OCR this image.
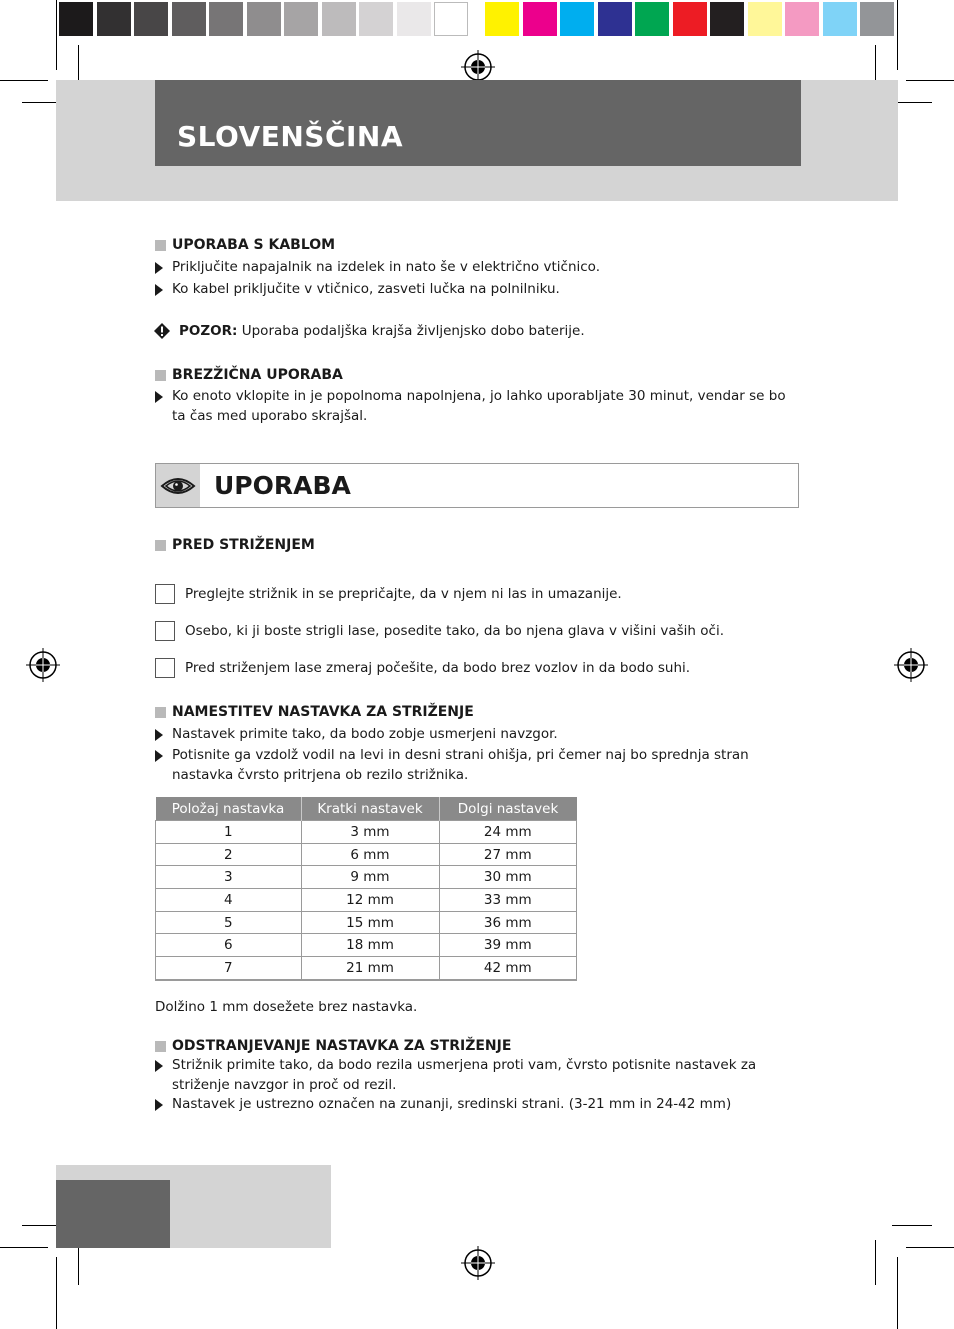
SLOVENŠČINA
UPORABA S KABLOM
Priključite napajalnik na izdelek in nato še v električno vtičnico.
Ko kabel priključite v vtičnico, zasveti lučka na polnilniku.
POZOR:
Uporaba podaljška krajša življenjsko dobo baterije.
BREZŽIČNA UPORABA
Ko enoto vklopite in je popolnoma napolnjena, jo lahko uporabljate 30 minut, vendar se bo ta čas med uporabo skrajšal.
UPORABA
PRED STRIŽENJEM
Preglejte strižnik in se prepričajte, da v njem ni las in umazanije.
Osebo, ki ji boste strigli lase, posedite tako, da bo njena glava v višini vaših oči.
Pred striženjem lase zmeraj počešite, da bodo brez vozlov in da bodo suhi.
NAMESTITEV NASTAVKA ZA STRIŽENJE
Nastavek primite tako, da bodo zobje usmerjeni navzgor.
Potisnite ga vzdolž vodil na levi in desni strani ohišja, pri čemer naj bo sprednja stran nastavka čvrsto pritrjena ob rezilo strižnika.
Položaj nastavka	Kratki nastavek	Dolgi nastavek
1	3 mm	24 mm
2	6 mm	27 mm
3	9 mm	30 mm
4	12 mm	33 mm
5	15 mm	36 mm
6	18 mm	39 mm
7	21 mm	42 mm
Dolžino 1 mm dosežete brez nastavka.
ODSTRANJEVANJE NASTAVKA ZA STRIŽENJE
Strižnik primite tako, da bodo rezila usmerjena proti vam, čvrsto potisnite nastavek za striženje navzgor in proč od rezil.
Nastavek je ustrezno označen na zunanji, sredinski strani. (3-21 mm in 24-42 mm)
